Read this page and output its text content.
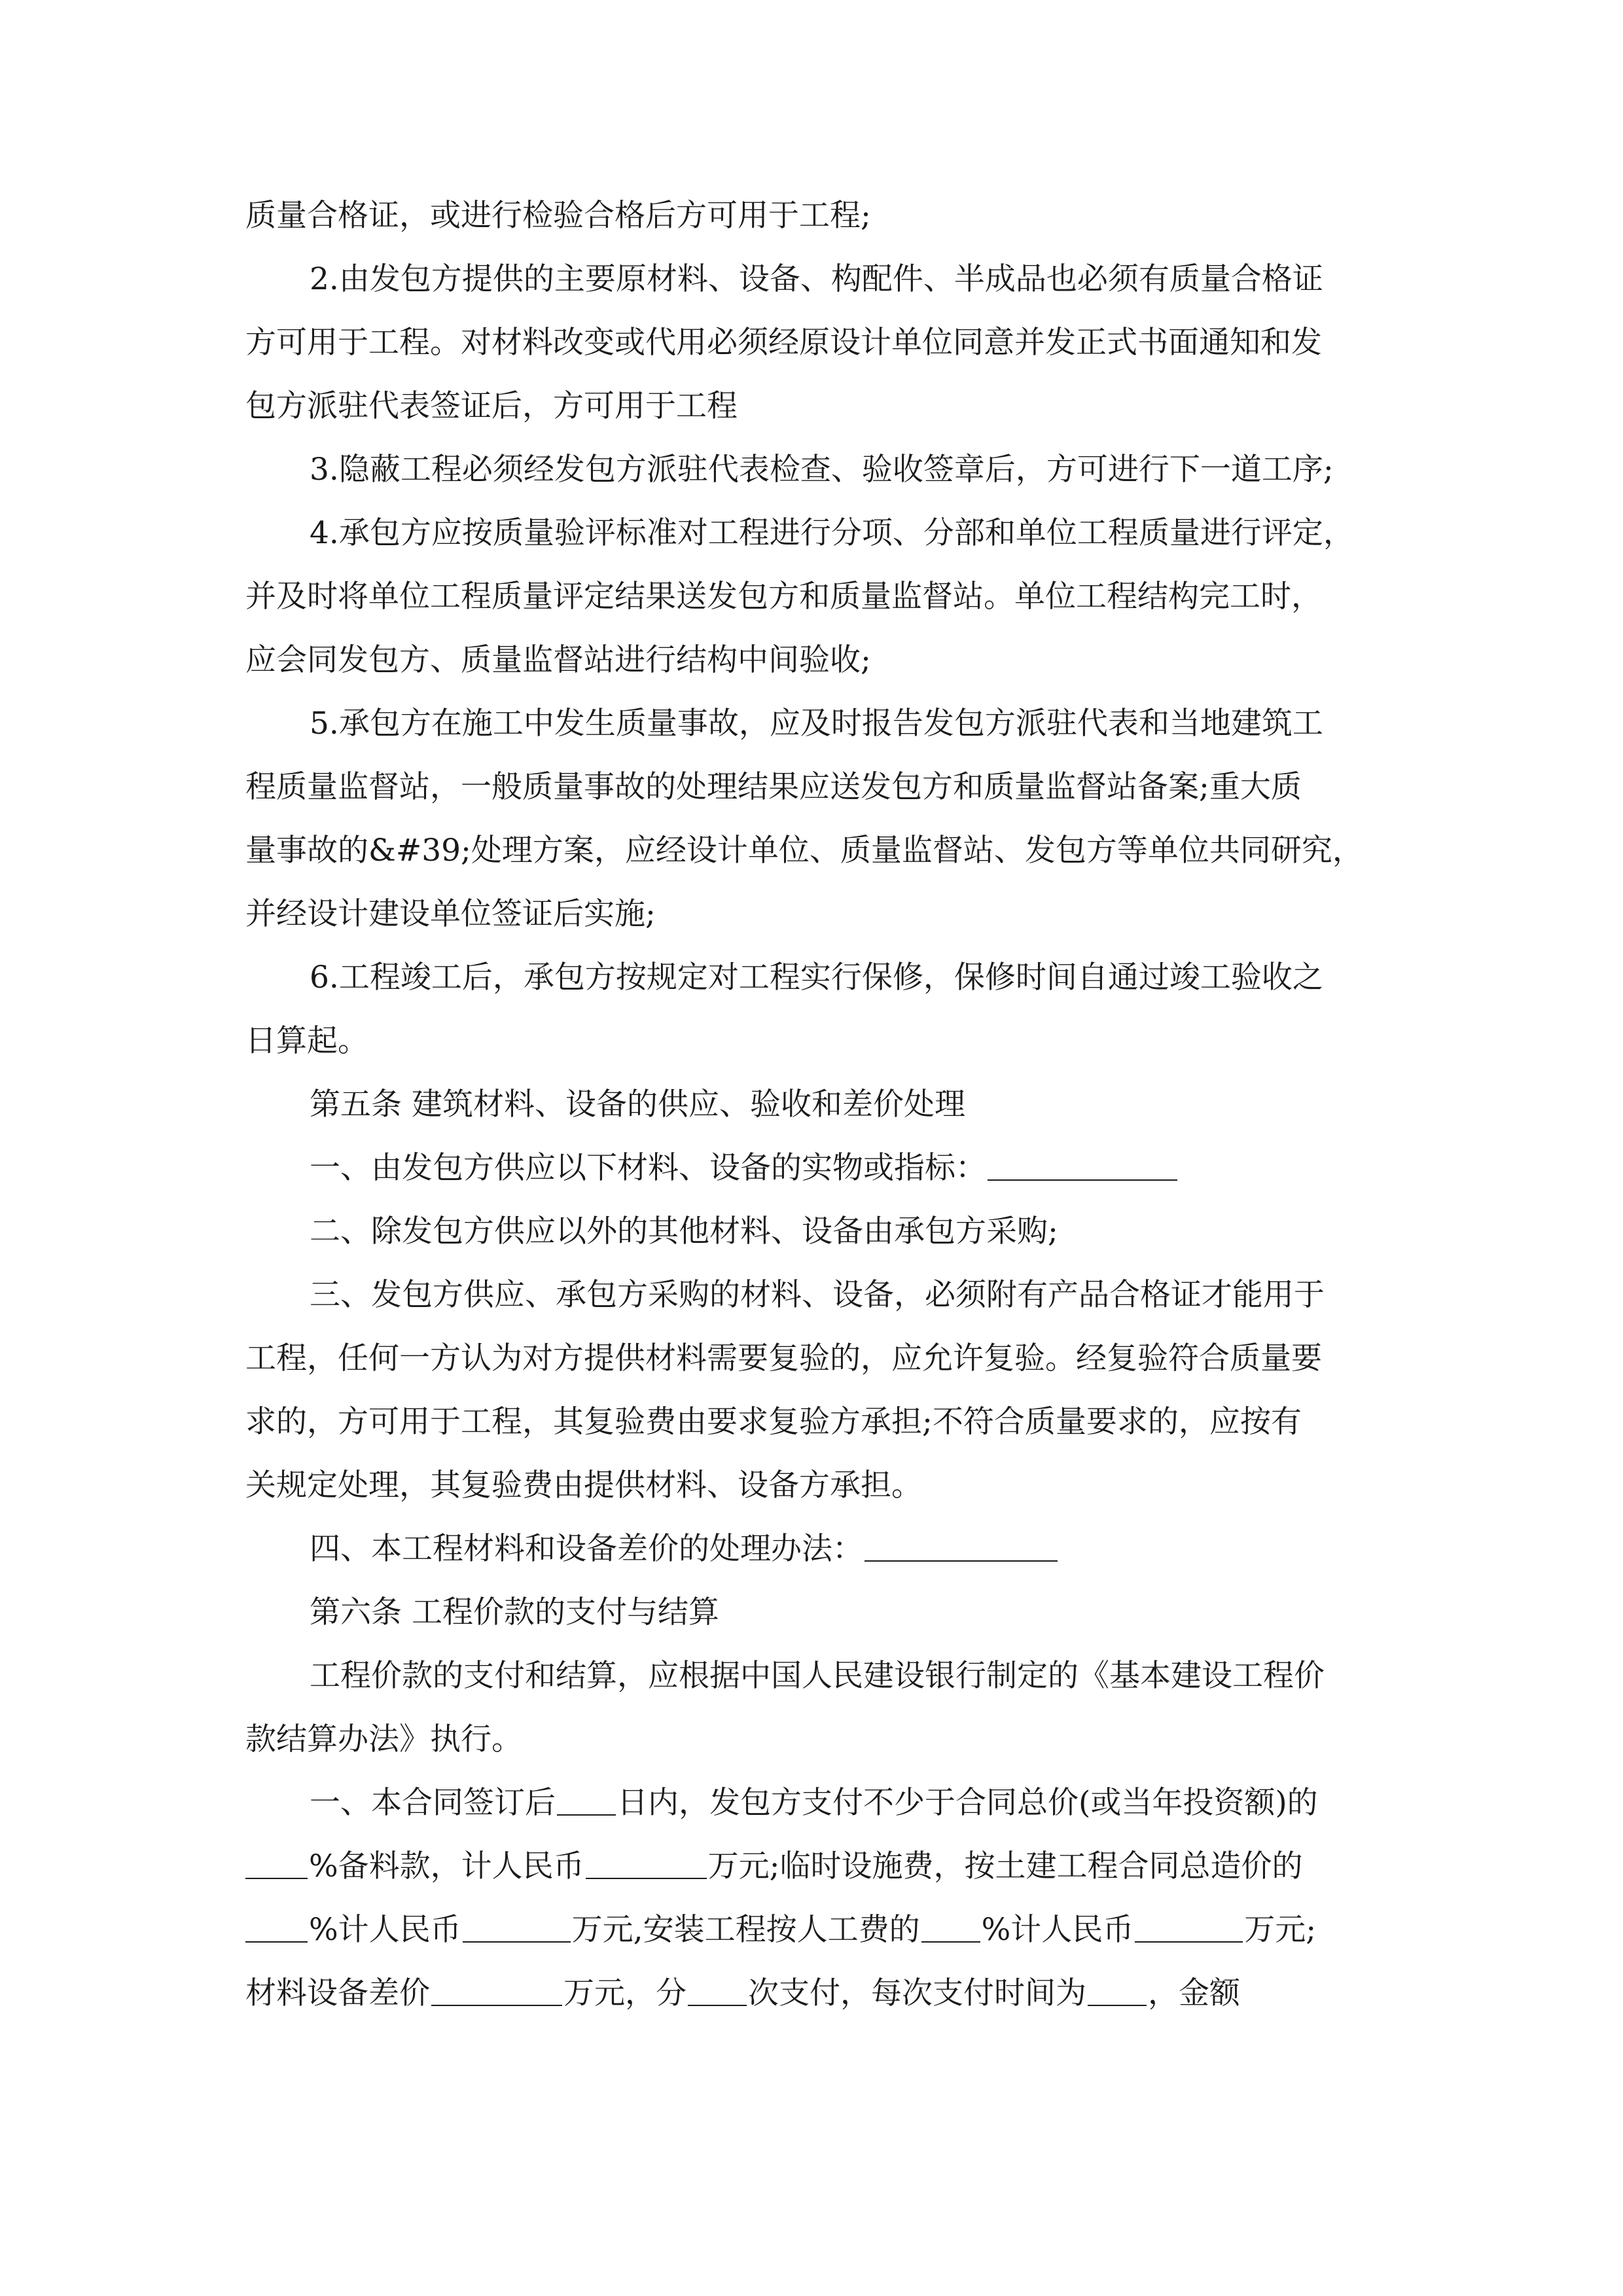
质量合格证，或进行检验合格后方可用于工程;
2.由发包方提供的主要原材料、设备、构配件、半成品也必须有质量合格证
方可用于工程。对材料改变或代用必须经原设计单位同意并发正式书面通知和发
包方派驻代表签证后，方可用于工程
3.隐蔽工程必须经发包方派驻代表检查、验收签章后，方可进行下一道工序;
4.承包方应按质量验评标准对工程进行分项、分部和单位工程质量进行评定，
并及时将单位工程质量评定结果送发包方和质量监督站。单位工程结构完工时，
应会同发包方、质量监督站进行结构中间验收;
5.承包方在施工中发生质量事故，应及时报告发包方派驻代表和当地建筑工
程质量监督站，一般质量事故的处理结果应送发包方和质量监督站备案;重大质
量事故的&#39;处理方案，应经设计单位、质量监督站、发包方等单位共同研究，
并经设计建设单位签证后实施;
6.工程竣工后，承包方按规定对工程实行保修，保修时间自通过竣工验收之
日算起。
第五条 建筑材料、设备的供应、验收和差价处理
一、由发包方供应以下材料、设备的实物或指标：
二、除发包方供应以外的其他材料、设备由承包方采购;
三、发包方供应、承包方采购的材料、设备，必须附有产品合格证才能用于
工程，任何一方认为对方提供材料需要复验的，应允许复验。经复验符合质量要
求的，方可用于工程，其复验费由要求复验方承担;不符合质量要求的，应按有
关规定处理，其复验费由提供材料、设备方承担。
四、本工程材料和设备差价的处理办法：
第六条 工程价款的支付与结算
工程价款的支付和结算，应根据中国人民建设银行制定的《基本建设工程价
款结算办法》执行。
一、本合同签订后 日内，发包方支付不少于合同总价(或当年投资额)的
%备料款，计人民币	万元;临时设施费，按土建工程合同总造价的
%计人民币	万元,安装工程按人工费的 %计人民币	万元;
材料设备差价	万元，分 次支付，每次支付时间为 ，金额
